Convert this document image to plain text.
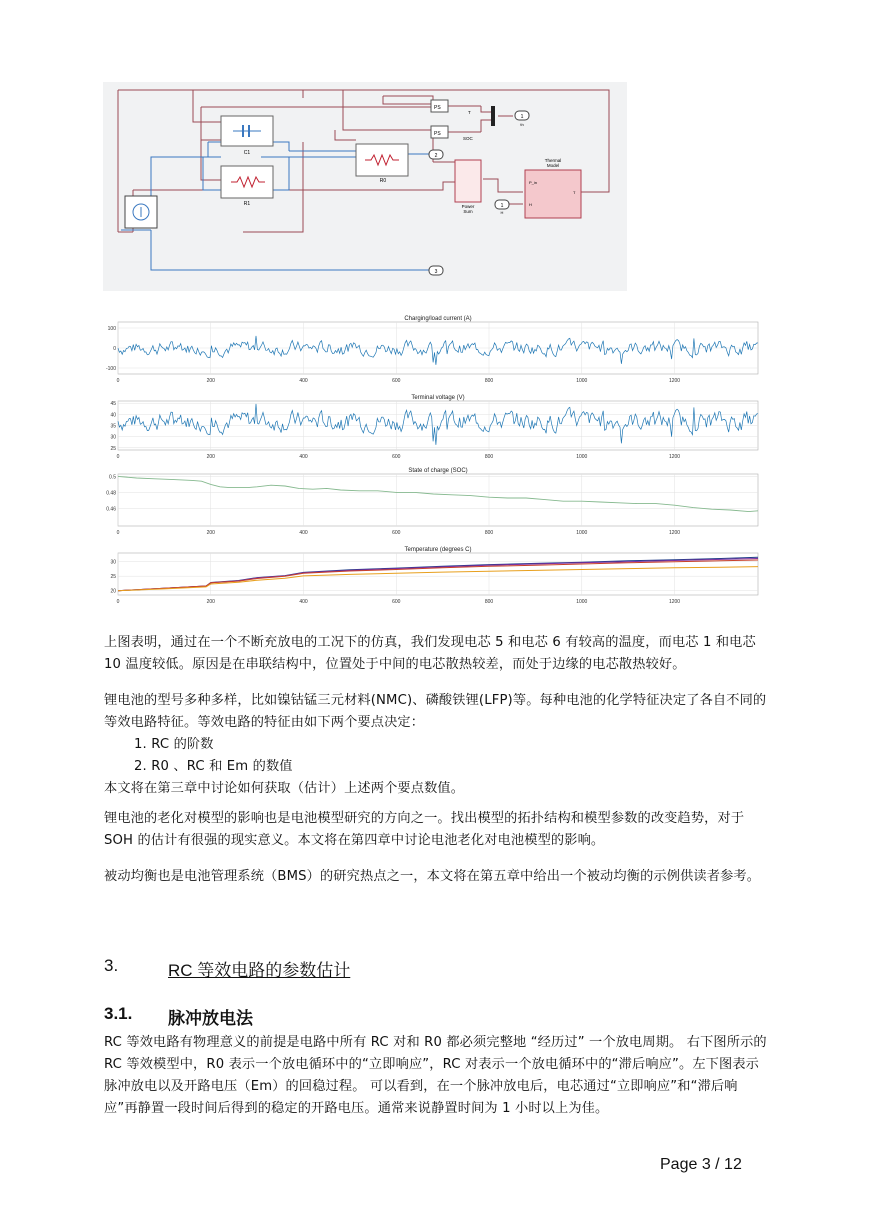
C1
R1
R0
PS
PS
T
SOC
1
th
2
3
Power
Sum
Thermal
Model
P_in
H
T
1
H
0	200	400	600	800	1000	1200
100
0
-100
Charging/load current (A)
0	200	400	600	800	1000	1200
45
40
35
30
25
Terminal voltage (V)
0	200	400	600	800	1000	1200
0.5
0.48
0.46
State of charge (SOC)
0	200	400	600	800	1000	1200
30
25
20
Temperature (degrees C)

上图表明，通过在一个不断充放电的工况下的仿真，我们发现电芯 5 和电芯 6 有较高的温度，而电芯 1 和电芯 10 温度较低。原因是在串联结构中，位置处于中间的电芯散热较差，而处于边缘的电芯散热较好。

锂电池的型号多种多样，比如镍钴锰三元材料(NMC)、磷酸铁锂(LFP)等。每种电池的化学特征决定了各自不同的等效电路特征。等效电路的特征由如下两个要点决定：

1. RC 的阶数

2. R0 、RC 和 Em 的数值

本文将在第三章中讨论如何获取（估计）上述两个要点数值。

锂电池的老化对模型的影响也是电池模型研究的方向之一。找出模型的拓扑结构和模型参数的改变趋势，对于 SOH 的估计有很强的现实意义。本文将在第四章中讨论电池老化对电池模型的影响。

被动均衡也是电池管理系统（BMS）的研究热点之一，本文将在第五章中给出一个被动均衡的示例供读者参考。

3.	RC 等效电路的参数估计
3.1. 脉冲放电法

RC 等效电路有物理意义的前提是电路中所有 RC 对和 R0 都必须完整地 “经历过” 一个放电周期。 右下图所示的 RC 等效模型中，R0 表示一个放电循环中的“立即响应”，RC 对表示一个放电循环中的“滞后响应”。左下图表示脉冲放电以及开路电压（Em）的回稳过程。 可以看到，在一个脉冲放电后，电芯通过“立即响应”和“滞后响应”再静置一段时间后得到的稳定的开路电压。通常来说静置时间为 1 小时以上为佳。

Page 3 / 12
